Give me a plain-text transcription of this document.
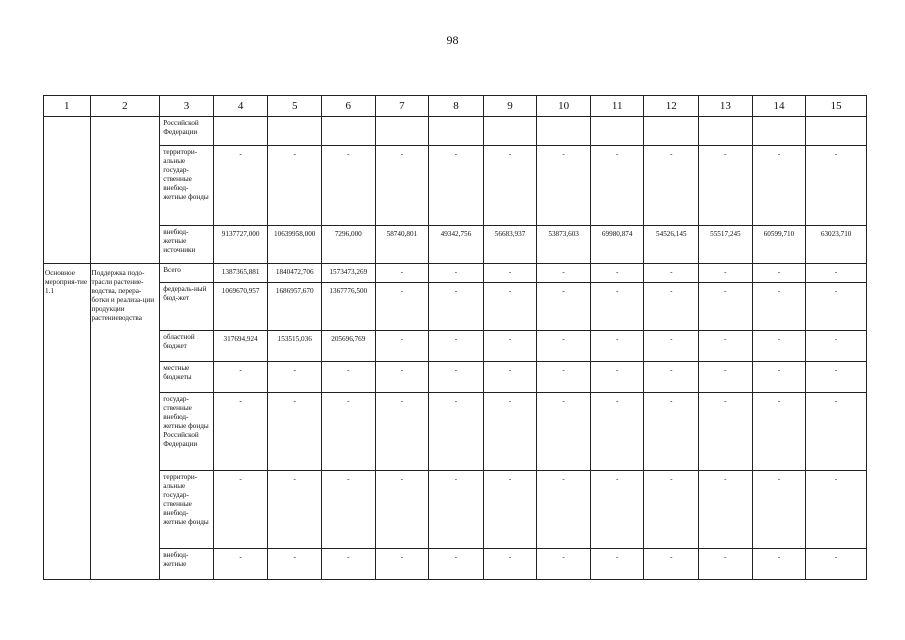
98
1	2	3	4	5	6	7	8	9	10	11	12	13	14	15

		Российской Федерации												

		территори-альные государ-ственные внебюд-жетные фонды	-	-	-	-	-	-	-	-	-	-	-	-

		внебюд-жетные источники	9137727,000	10639958,000	7296,000	58740,801	49342,756	56683,937	53873,603	69980,874	54526,145	55517,245	60599,710	63023,710

Основное мероприя-тие 1.1	Поддержка подо-трасли растение-водства, перера-ботки и реализа-ции продукции растениеводства	Всего	1387365,881	1840472,706	1573473,269	-	-	-	-	-	-	-	-	-

		федераль-ный бюд-жет	1069670,957	1686957,670	1367776,500	-	-	-	-	-	-	-	-	-

		областной бюджет	317694,924	153515,036	205696,769	-	-	-	-	-	-	-	-	-

		местные бюджеты	-	-	-	-	-	-	-	-	-	-	-	-

		государ-ственные внебюд-жетные фонды Российской Федерации	-	-	-	-	-	-	-	-	-	-	-	-

		территори-альные государ-ственные внебюд-жетные фонды	-	-	-	-	-	-	-	-	-	-	-	-

		внебюд-жетные	-	-	-	-	-	-	-	-	-	-	-	-
